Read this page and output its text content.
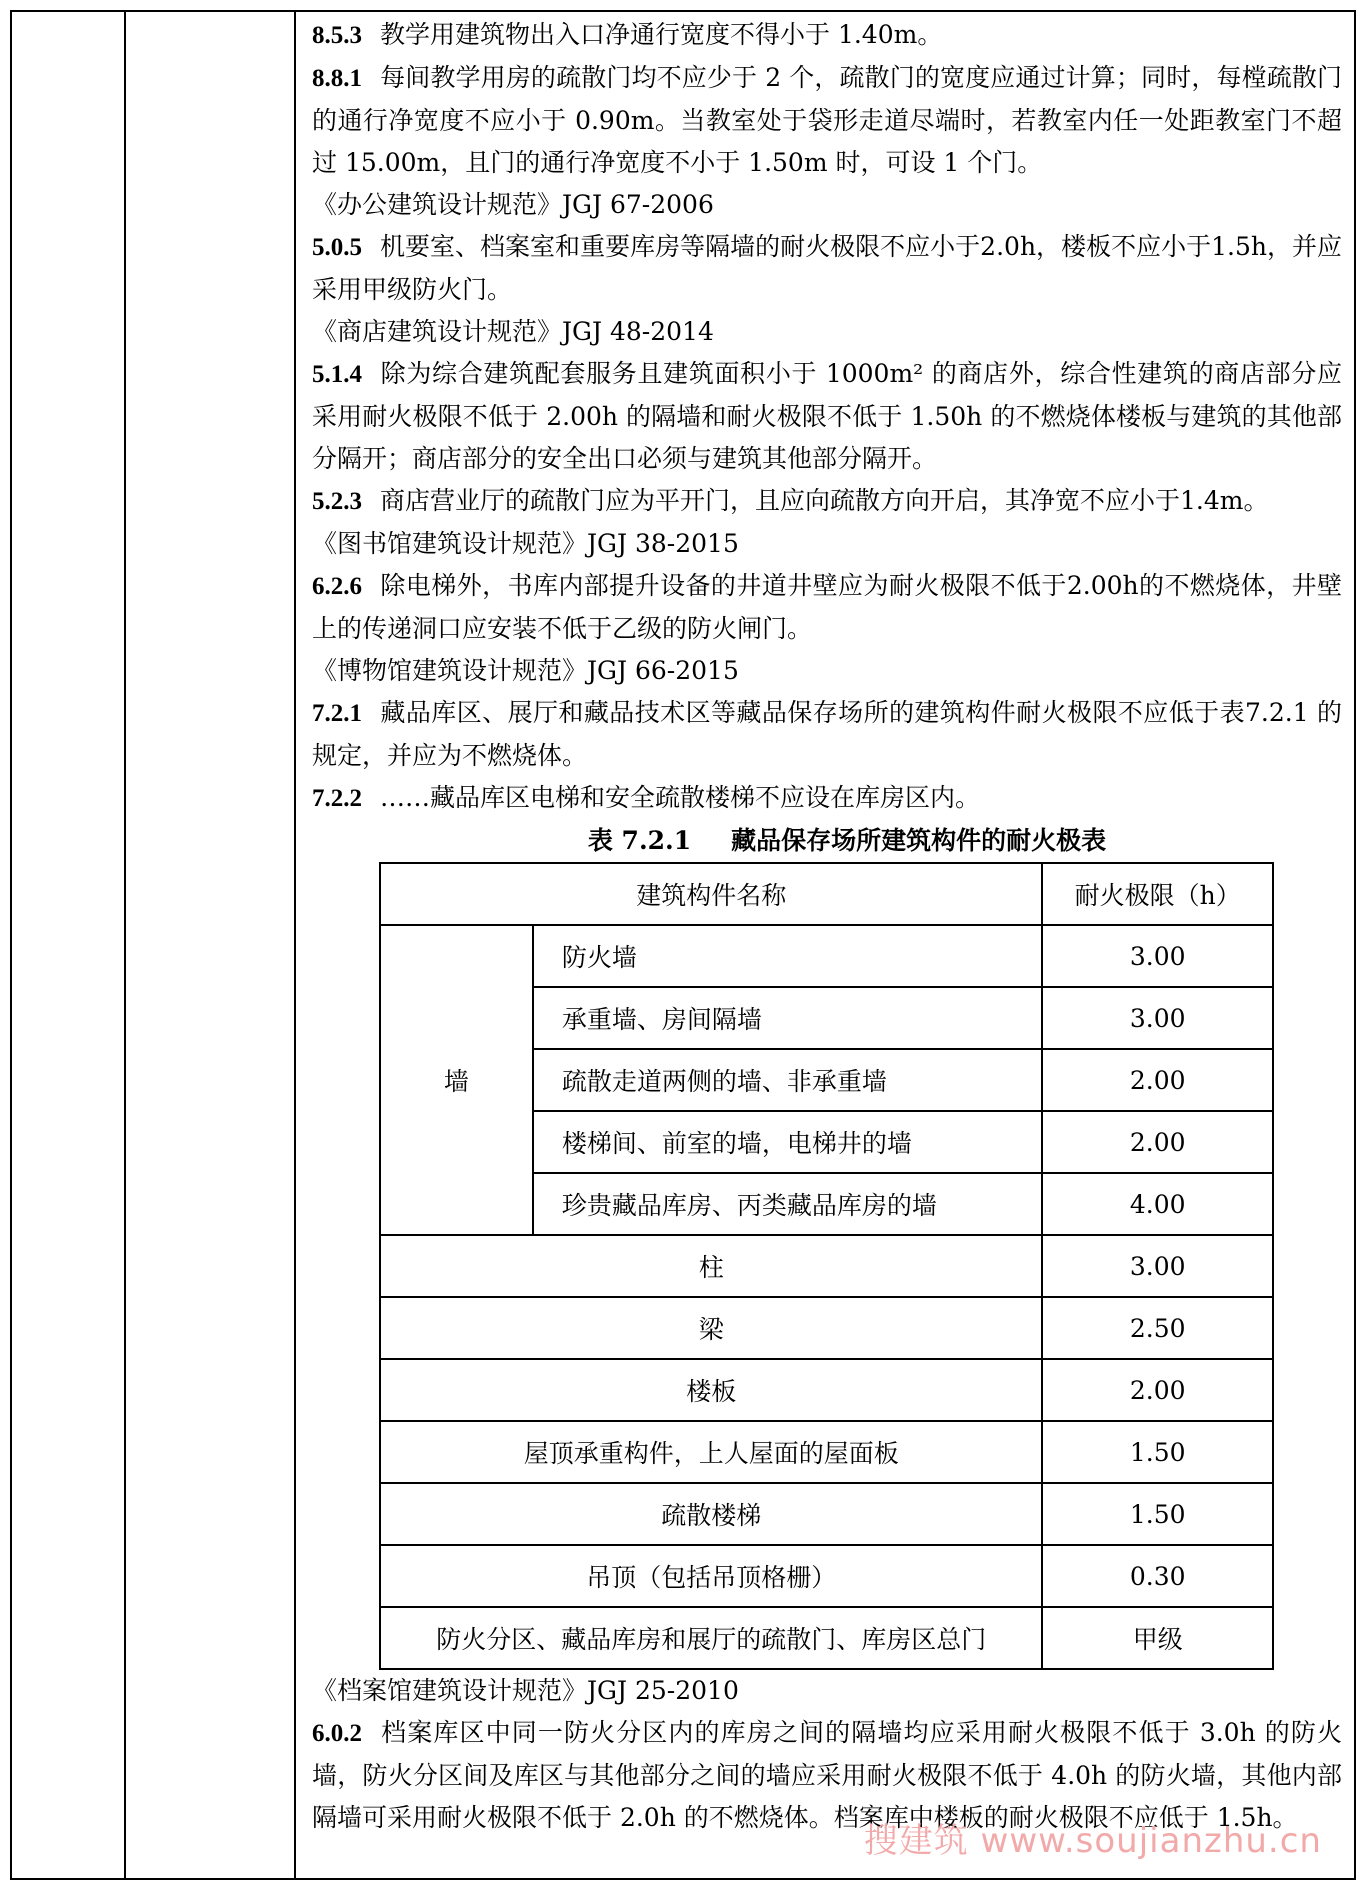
8.5.3 教学用建筑物出入口净通行宽度不得小于 1.40m。

8.8.1 每间教学用房的疏散门均不应少于 2 个，疏散门的宽度应通过计算；同时，每樘疏散门的通行净宽度不应小于 0.90m。当教室处于袋形走道尽端时，若教室内任一处距教室门不超过 15.00m，且门的通行净宽度不小于 1.50m 时，可设 1 个门。

《办公建筑设计规范》JGJ 67-2006

5.0.5 机要室、档案室和重要库房等隔墙的耐火极限不应小于2.0h，楼板不应小于1.5h，并应采用甲级防火门。

《商店建筑设计规范》JGJ 48-2014

5.1.4 除为综合建筑配套服务且建筑面积小于 1000m² 的商店外，综合性建筑的商店部分应采用耐火极限不低于 2.00h 的隔墙和耐火极限不低于 1.50h 的不燃烧体楼板与建筑的其他部分隔开；商店部分的安全出口必须与建筑其他部分隔开。

5.2.3 商店营业厅的疏散门应为平开门，且应向疏散方向开启，其净宽不应小于1.4m。

《图书馆建筑设计规范》JGJ 38-2015

6.2.6 除电梯外，书库内部提升设备的井道井壁应为耐火极限不低于2.00h的不燃烧体，井壁上的传递洞口应安装不低于乙级的防火闸门。

《博物馆建筑设计规范》JGJ 66-2015

7.2.1 藏品库区、展厅和藏品技术区等藏品保存场所的建筑构件耐火极限不应低于表7.2.1 的规定，并应为不燃烧体。

7.2.2 ……藏品库区电梯和安全疏散楼梯不应设在库房区内。

表 7.2.1 藏品保存场所建筑构件的耐火极表

建筑构件名称		耐火极限（h）
墙	防火墙	3.00
	承重墙、房间隔墙	3.00
	疏散走道两侧的墙、非承重墙	2.00
	楼梯间、前室的墙，电梯井的墙	2.00
	珍贵藏品库房、丙类藏品库房的墙	4.00
柱		3.00
梁		2.50
楼板		2.00
屋顶承重构件，上人屋面的屋面板		1.50
疏散楼梯		1.50
吊顶（包括吊顶格栅）		0.30
防火分区、藏品库房和展厅的疏散门、库房区总门		甲级

《档案馆建筑设计规范》JGJ 25-2010

6.0.2 档案库区中同一防火分区内的库房之间的隔墙均应采用耐火极限不低于 3.0h 的防火墙，防火分区间及库区与其他部分之间的墙应采用耐火极限不低于 4.0h 的防火墙，其他内部隔墙可采用耐火极限不低于 2.0h 的不燃烧体。档案库中楼板的耐火极限不应低于 1.5h。

搜建筑 www.soujianzhu.cn
